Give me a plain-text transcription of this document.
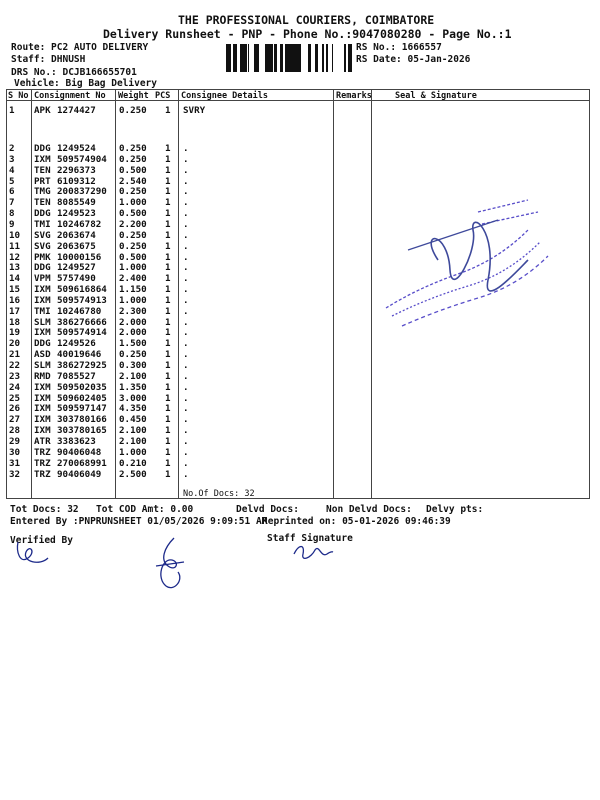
THE PROFESSIONAL COURIERS, COIMBATORE
Delivery Runsheet - PNP - Phone No.:9047080280 - Page No.:1
Route: PC2 AUTO DELIVERY
Staff: DHNUSH
DRS No.: DCJB166655701
Vehicle: Big Bag Delivery
RS No.: 1666557
RS Date: 05-Jan-2026
S No Consignment No Weight PCS Consignee Details	Remarks	Seal & Signature
1 APK 1274427	0.250 1 SVRY
2 DDG 1249524	0.250 1 .
3 IXM 509574904 0.250 1 .
4 TEN 2296373	0.500 1 .
5 PRT 6109312	2.540 1 .
6 TMG 200837290 0.250 1 .
7 TEN 8085549	1.000 1 .
8 DDG 1249523	0.500 1 .
9 TMI 10246782 2.200 1 .
10 SVG 2063674	0.250 1 .
11 SVG 2063675	0.250 1 .
12 PMK 10000156 0.500 1 .
13 DDG 1249527	1.000 1 .
14 VPM 5757490	2.400 1 .
15 IXM 509616864 1.150 1 .
16 IXM 509574913 1.000 1 .
17 TMI 10246780 2.300 1 .
18 SLM 386276666 2.000 1 .
19 IXM 509574914 2.000 1 .
20 DDG 1249526	1.500 1 .
21 ASD 40019646 0.250 1 .
22 SLM 386272925 0.300 1 .
23 RMD 7085527	2.100 1 .
24 IXM 509502035 1.350 1 .
25 IXM 509602405 3.000 1 .
26 IXM 509597147 4.350 1 .
27 IXM 303780166 0.450 1 .
28 IXM 303780165 2.100 1 .
29 ATR 3383623	2.100 1 .
30 TRZ 90406048 1.000 1 .
31 TRZ 270068991 0.210 1 .
32 TRZ 90406049 2.500 1 .
No.Of Docs: 32
Tot Docs: 32 Tot COD Amt: 0.00	Delvd Docs:	Non Delvd Docs: Delvy pts:
Entered By :PNPRUNSHEET 01/05/2026 9:09:51 AM
Reprinted on: 05-01-2026 09:46:39
Verified By	Staff Signature
